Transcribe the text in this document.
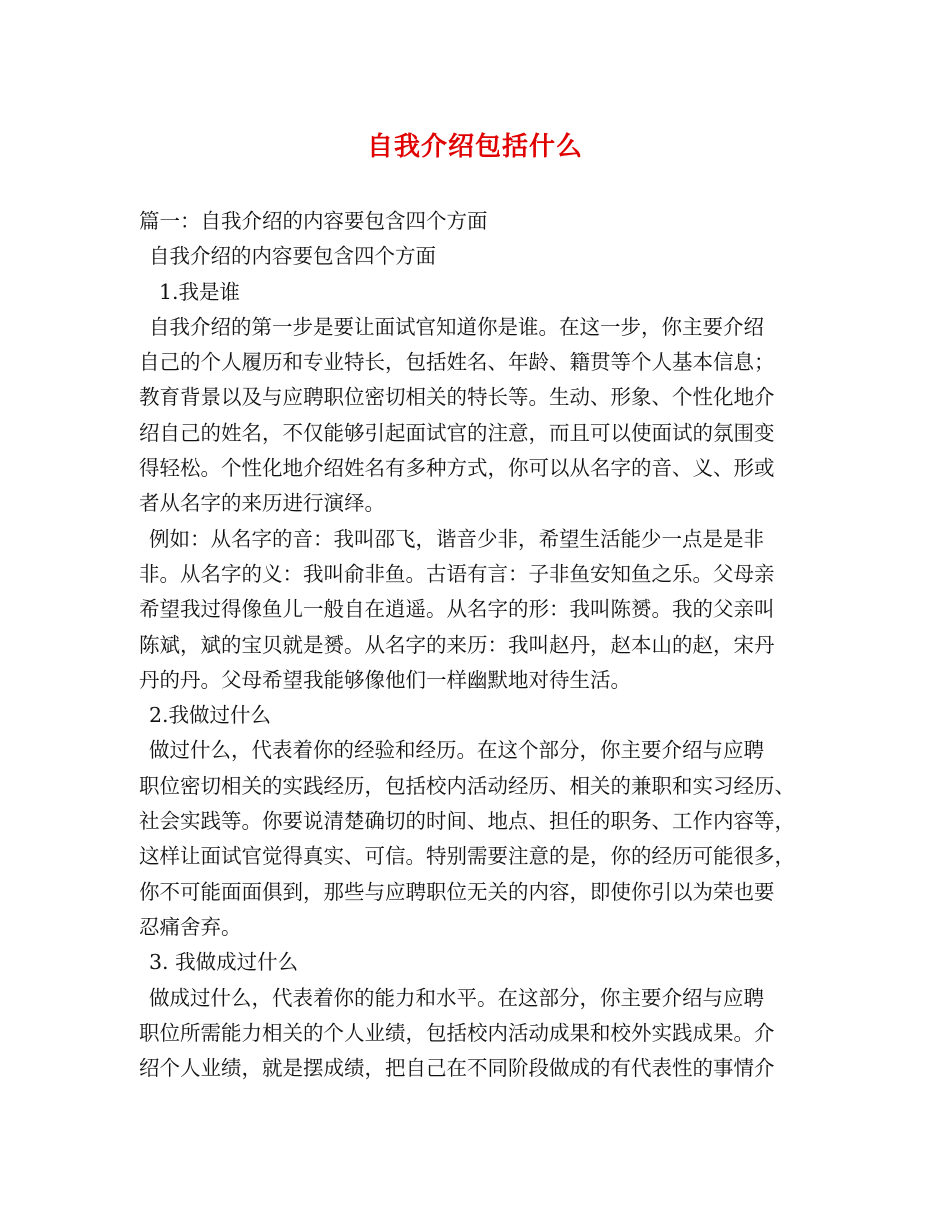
自我介绍包括什么
篇一：自我介绍的内容要包含四个方面
自我介绍的内容要包含四个方面
1.我是谁
自我介绍的第一步是要让面试官知道你是谁。在这一步，你主要介绍
自己的个人履历和专业特长，包括姓名、年龄、籍贯等个人基本信息；
教育背景以及与应聘职位密切相关的特长等。生动、形象、个性化地介
绍自己的姓名，不仅能够引起面试官的注意，而且可以使面试的氛围变
得轻松。个性化地介绍姓名有多种方式，你可以从名字的音、义、形或
者从名字的来历进行演绎。
例如：从名字的音：我叫邵飞，谐音少非，希望生活能少一点是是非
非。从名字的义：我叫俞非鱼。古语有言：子非鱼安知鱼之乐。父母亲
希望我过得像鱼儿一般自在逍遥。从名字的形：我叫陈赟。我的父亲叫
陈斌，斌的宝贝就是赟。从名字的来历：我叫赵丹，赵本山的赵，宋丹
丹的丹。父母希望我能够像他们一样幽默地对待生活。
2.我做过什么
做过什么，代表着你的经验和经历。在这个部分，你主要介绍与应聘
职位密切相关的实践经历，包括校内活动经历、相关的兼职和实习经历、
社会实践等。你要说清楚确切的时间、地点、担任的职务、工作内容等，
这样让面试官觉得真实、可信。特别需要注意的是，你的经历可能很多，
你不可能面面俱到，那些与应聘职位无关的内容，即使你引以为荣也要
忍痛舍弃。
3. 我做成过什么
做成过什么，代表着你的能力和水平。在这部分，你主要介绍与应聘
职位所需能力相关的个人业绩，包括校内活动成果和校外实践成果。介
绍个人业绩，就是摆成绩，把自己在不同阶段做成的有代表性的事情介
